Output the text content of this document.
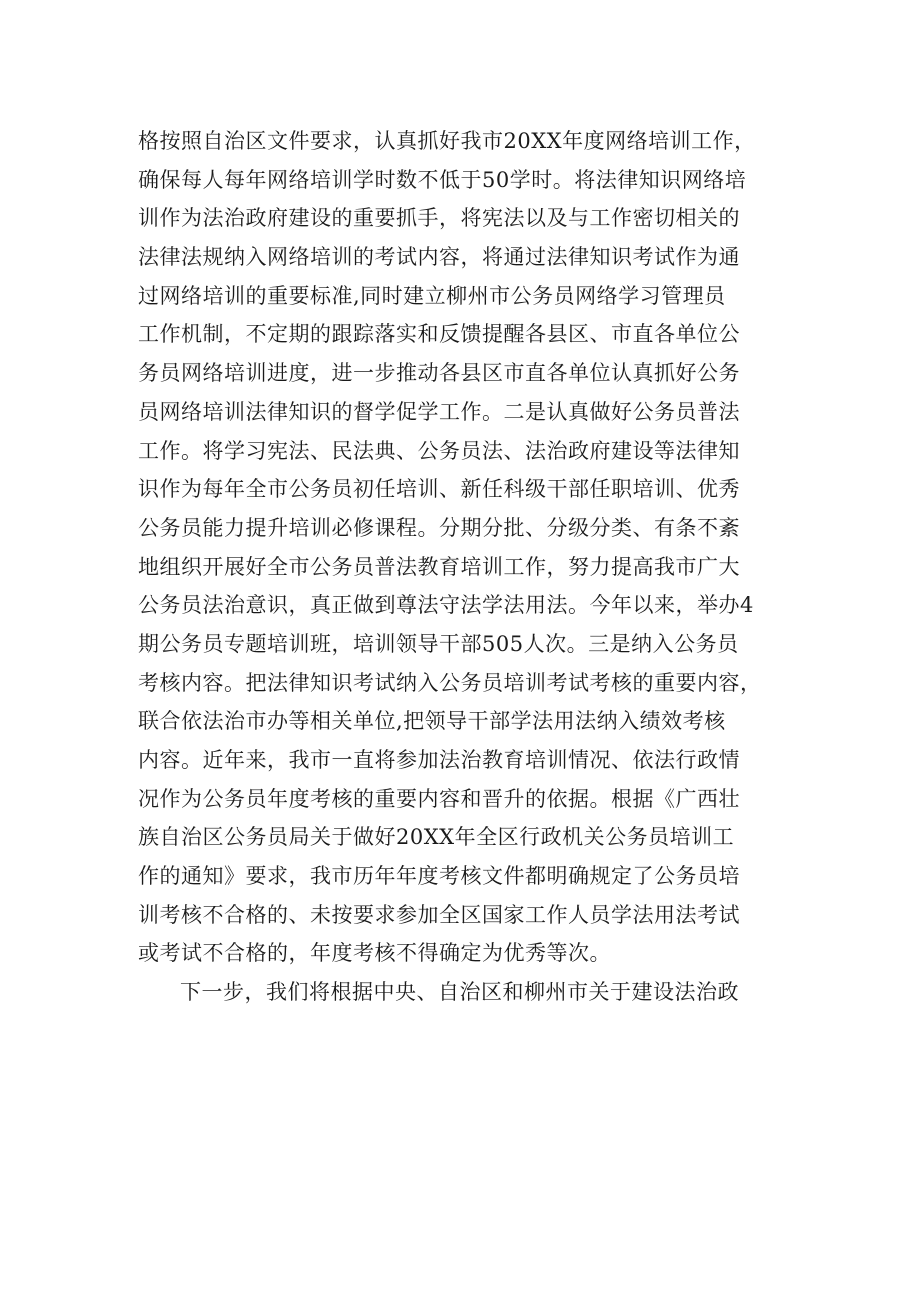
格按照自治区文件要求，认真抓好我市20XX年度网络培训工作，
确保每人每年网络培训学时数不低于50学时。将法律知识网络培
训作为法治政府建设的重要抓手，将宪法以及与工作密切相关的
法律法规纳入网络培训的考试内容，将通过法律知识考试作为通
过网络培训的重要标准,同时建立柳州市公务员网络学习管理员
工作机制，不定期的跟踪落实和反馈提醒各县区、市直各单位公
务员网络培训进度，进一步推动各县区市直各单位认真抓好公务
员网络培训法律知识的督学促学工作。二是认真做好公务员普法
工作。将学习宪法、民法典、公务员法、法治政府建设等法律知
识作为每年全市公务员初任培训、新任科级干部任职培训、优秀
公务员能力提升培训必修课程。分期分批、分级分类、有条不紊
地组织开展好全市公务员普法教育培训工作，努力提高我市广大
公务员法治意识，真正做到尊法守法学法用法。今年以来，举办4
期公务员专题培训班，培训领导干部505人次。三是纳入公务员
考核内容。把法律知识考试纳入公务员培训考试考核的重要内容，
联合依法治市办等相关单位,把领导干部学法用法纳入绩效考核
内容。近年来，我市一直将参加法治教育培训情况、依法行政情
况作为公务员年度考核的重要内容和晋升的依据。根据《广西壮
族自治区公务员局关于做好20XX年全区行政机关公务员培训工
作的通知》要求，我市历年年度考核文件都明确规定了公务员培
训考核不合格的、未按要求参加全区国家工作人员学法用法考试
或考试不合格的，年度考核不得确定为优秀等次。
下一步，我们将根据中央、自治区和柳州市关于建设法治政
